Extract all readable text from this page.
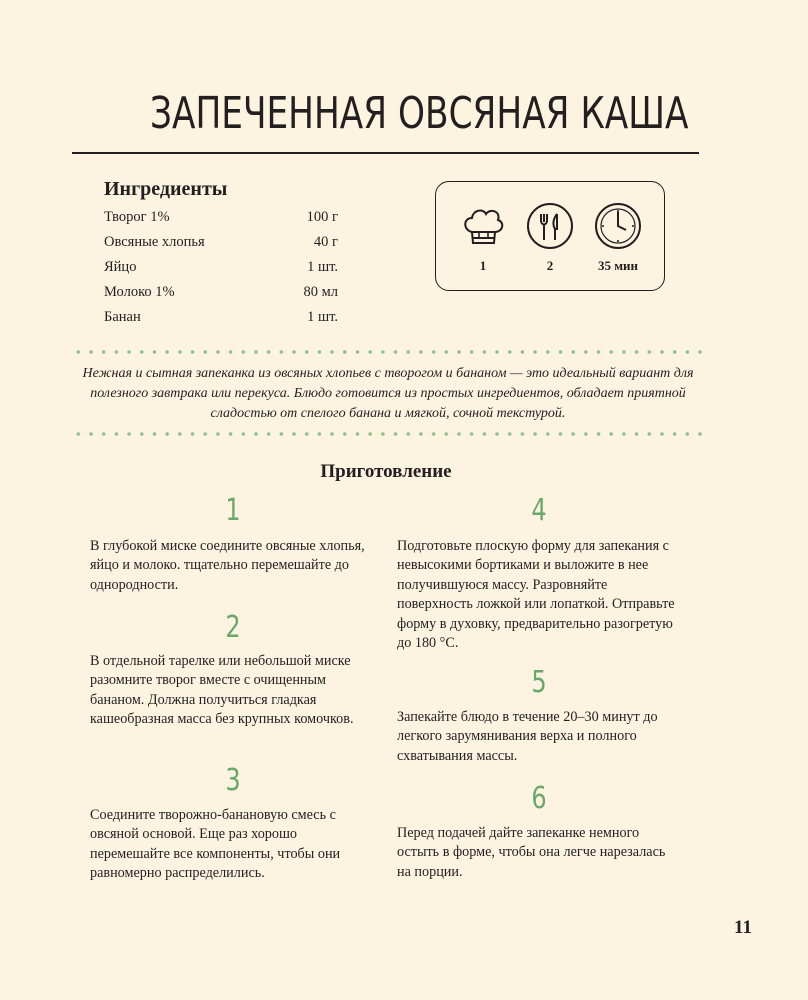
ЗАПЕЧЕННАЯ ОВСЯНАЯ КАША
Ингредиенты
Творог 1%	100 г
Овсяные хлопья	40 г
Яйцо	1 шт.
Молоко 1%	80 мл
Банан	1 шт.
1	2	35 мин
Нежная и сытная запеканка из овсяных хлопьев с творогом и бананом — это идеальный вариант для полезного завтрака или перекуса. Блюдо готовится из простых ингредиентов, обладает приятной сладостью от спелого банана и мягкой, сочной текстурой.
Приготовление
1
В глубокой миске соедините овсяные хлопья, яйцо и молоко. тщательно перемешайте до однородности.
2
В отдельной тарелке или небольшой миске разомните творог вместе с очищенным бананом. Должна получиться гладкая кашеобразная масса без крупных комочков.
3
Соедините творожно-банановую смесь с овсяной основой. Еще раз хорошо перемешайте все компоненты, чтобы они равномерно распределились.
4
Подготовьте плоскую форму для запекания с невысокими бортиками и выложите в нее получившуюся массу. Разровняйте поверхность ложкой или лопаткой. Отправьте форму в духовку, предварительно разогретую до 180 °С.
5
Запекайте блюдо в течение 20–30 минут до легкого зарумянивания верха и полного схватывания массы.
6
Перед подачей дайте запеканке немного остыть в форме, чтобы она легче нарезалась на порции.
11
